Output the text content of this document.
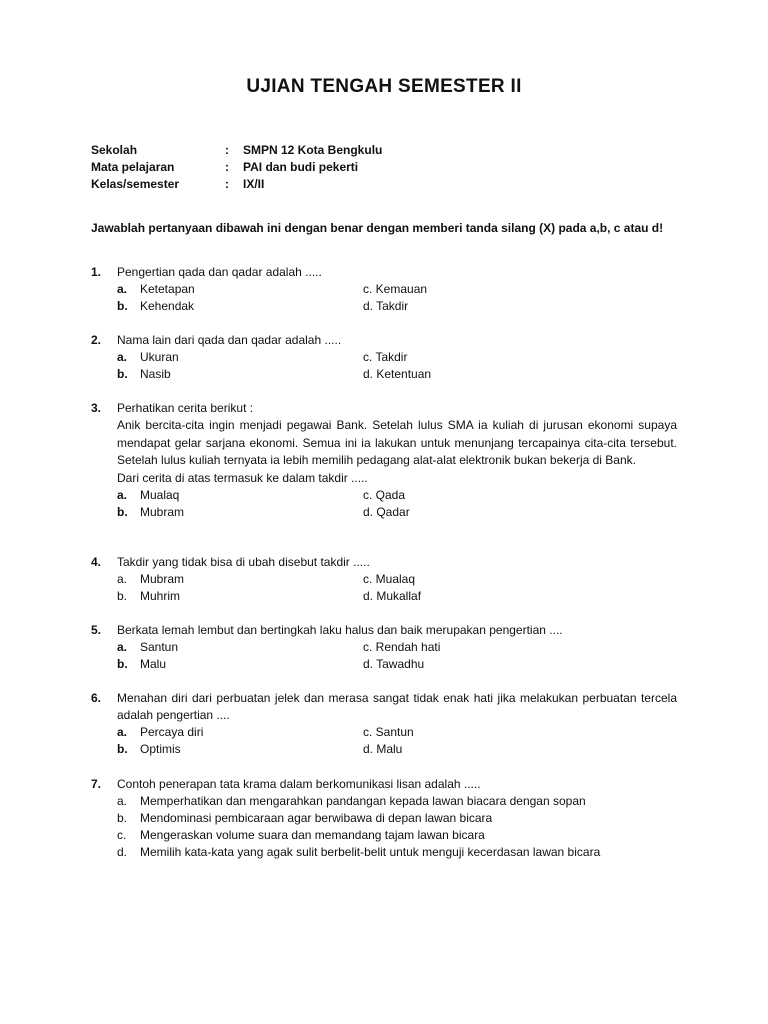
UJIAN TENGAH SEMESTER II
Sekolah	:	SMPN 12 Kota Bengkulu
Mata pelajaran	:	PAI dan budi pekerti
Kelas/semester	:	IX/II
Jawablah pertanyaan dibawah ini dengan benar dengan memberi tanda silang (X) pada a,b, c atau d!
1.	Pengertian qada dan qadar adalah .....
a.	Ketetapan	c. Kemauan
b.	Kehendak	d. Takdir
2.	Nama lain dari qada dan qadar adalah .....
a.	Ukuran	c. Takdir
b.	Nasib	d. Ketentuan
3.	Perhatikan cerita berikut :
Anik bercita-cita ingin menjadi pegawai Bank. Setelah lulus SMA ia kuliah di jurusan ekonomi supaya mendapat gelar sarjana ekonomi. Semua ini ia lakukan untuk menunjang tercapainya cita-cita tersebut. Setelah lulus kuliah ternyata ia lebih memilih pedagang alat-alat elektronik bukan bekerja di Bank.
Dari cerita di atas termasuk ke dalam takdir .....
a.	Mualaq	c. Qada
b.	Mubram	d. Qadar
4.	Takdir yang tidak bisa di ubah disebut takdir .....
a.	Mubram	c. Mualaq
b.	Muhrim	d. Mukallaf
5.	Berkata lemah lembut dan bertingkah laku halus dan baik merupakan pengertian ....
a.	Santun	c. Rendah hati
b.	Malu	d. Tawadhu
6.	Menahan diri dari perbuatan jelek dan merasa sangat tidak enak hati jika melakukan perbuatan tercela adalah pengertian ....
a.	Percaya diri	c. Santun
b.	Optimis	d. Malu
7.	Contoh penerapan tata krama dalam berkomunikasi lisan adalah .....
a.	Memperhatikan dan mengarahkan pandangan kepada lawan biacara dengan sopan
b.	Mendominasi pembicaraan agar berwibawa di depan lawan bicara
c.	Mengeraskan volume suara dan memandang tajam lawan bicara
d.	Memilih kata-kata yang agak sulit berbelit-belit untuk menguji kecerdasan lawan bicara
